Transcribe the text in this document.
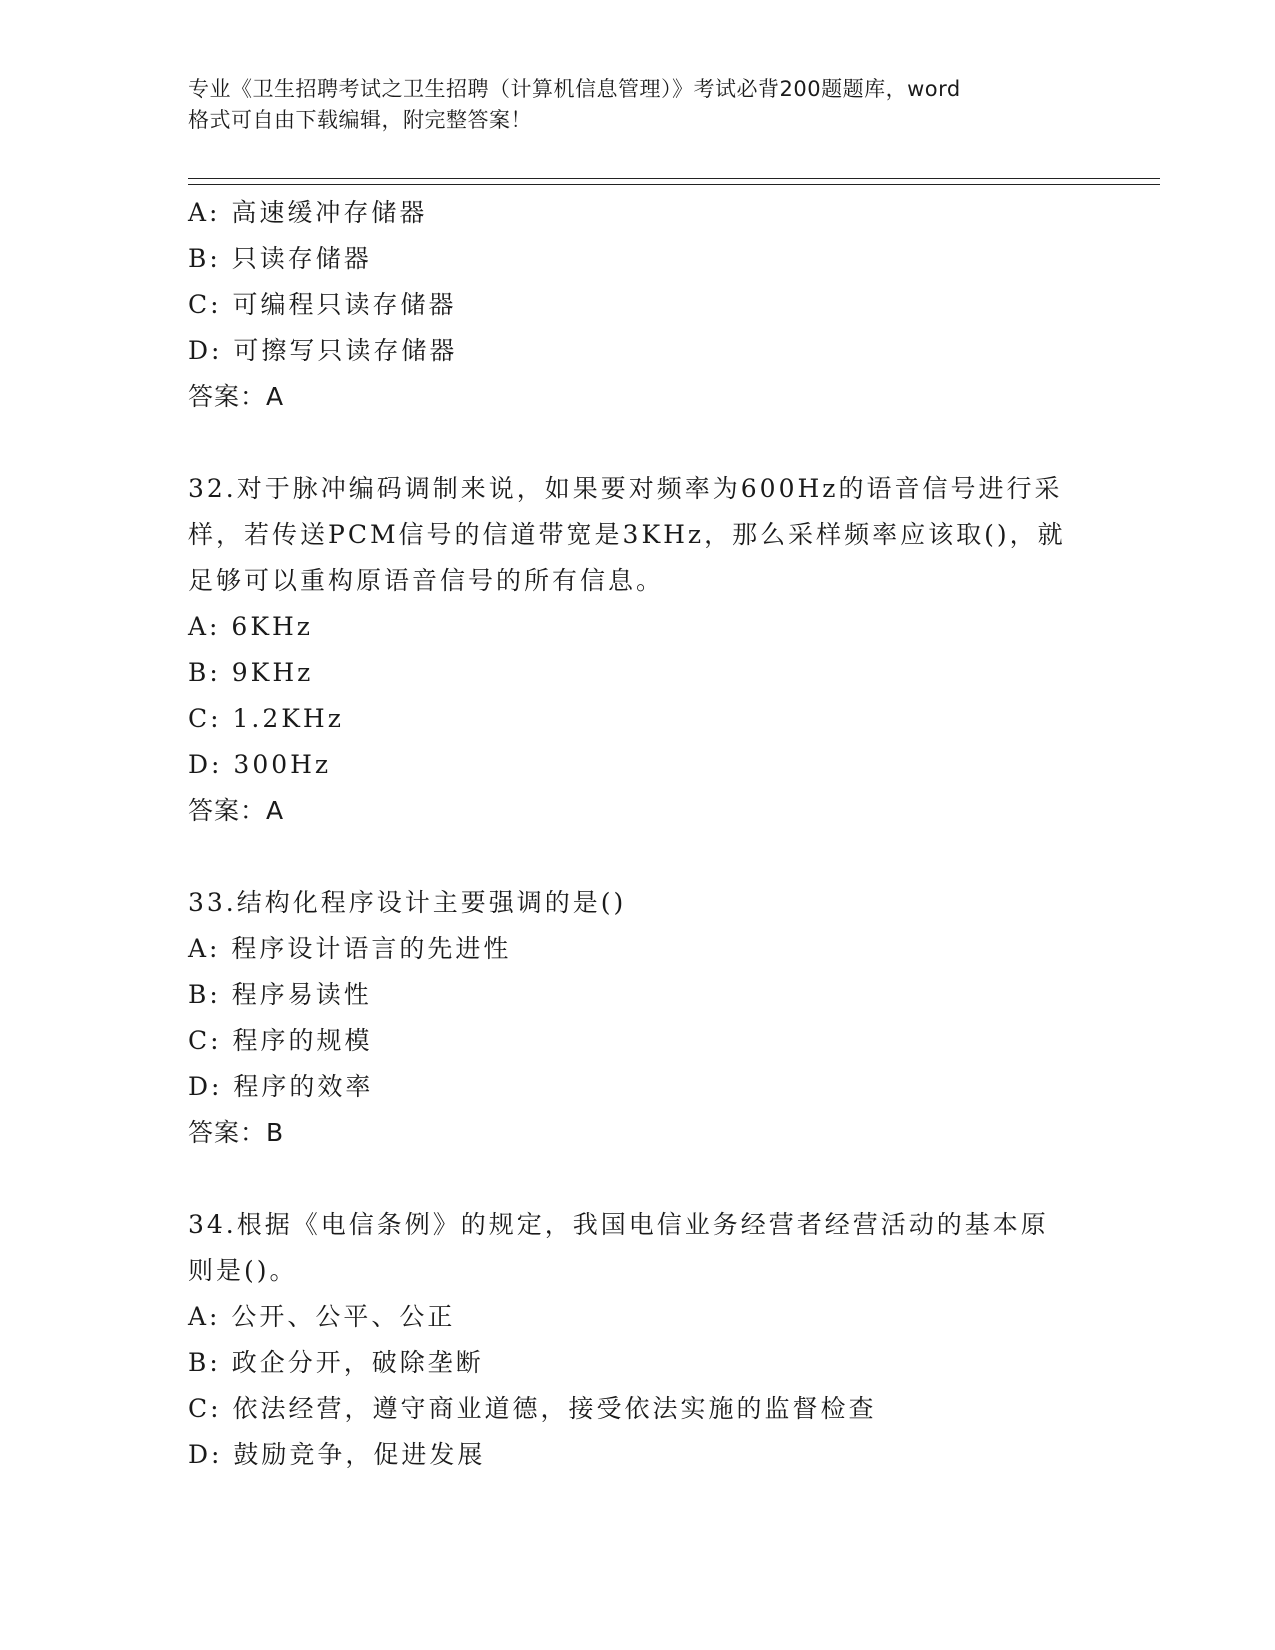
专业《卫生招聘考试之卫生招聘（计算机信息管理）》考试必背200题题库，word
格式可自由下载编辑，附完整答案！
A: 高速缓冲存储器
B: 只读存储器
C: 可编程只读存储器
D: 可擦写只读存储器
答案：A
32.对于脉冲编码调制来说，如果要对频率为600Hz的语音信号进行采
样，若传送PCM信号的信道带宽是3KHz，那么采样频率应该取()，就
足够可以重构原语音信号的所有信息。
A: 6KHz
B: 9KHz
C: 1.2KHz
D: 300Hz
答案：A
33.结构化程序设计主要强调的是()
A: 程序设计语言的先进性
B: 程序易读性
C: 程序的规模
D: 程序的效率
答案：B
34.根据《电信条例》的规定，我国电信业务经营者经营活动的基本原
则是()。
A: 公开、公平、公正
B: 政企分开，破除垄断
C: 依法经营，遵守商业道德，接受依法实施的监督检查
D: 鼓励竞争，促进发展
